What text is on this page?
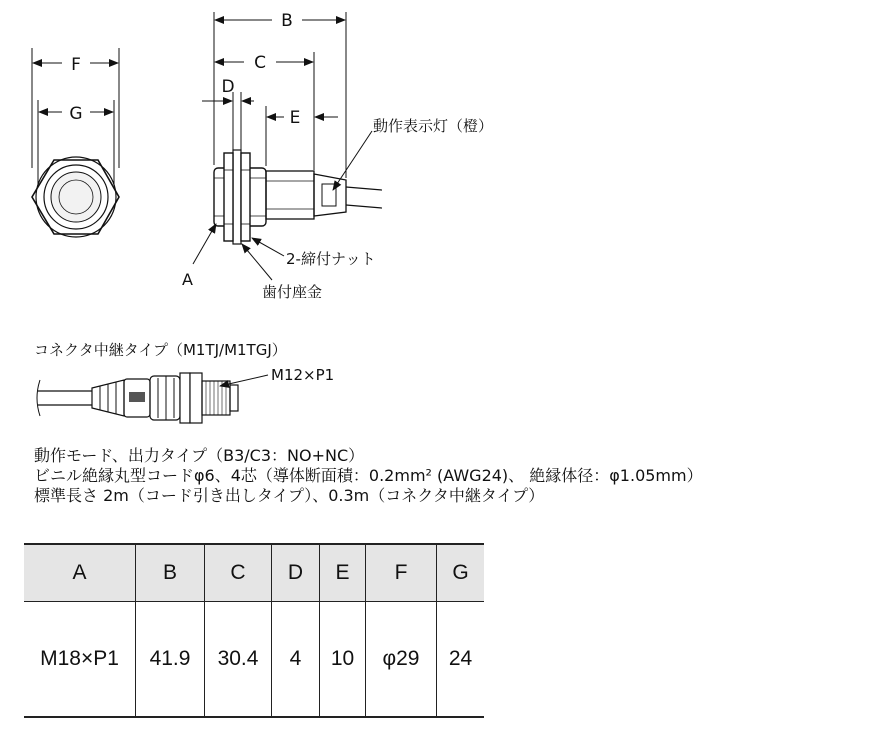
F
G
B
C
D
E	動作表示灯（橙）
A
2-締付ナット
歯付座金
コネクタ中継タイプ（M1TJ/M1TGJ）
M12×P1
動作モード、出力タイプ（B3/C3：NO+NC）
ビニル絶縁丸型コードφ6、4芯（導体断面積：0.2mm² (AWG24)、 絶縁体径：φ1.05mm）
標準長さ 2m（コード引き出しタイプ）、0.3m（コネクタ中継タイプ）
A	B	C	D	E	F	G
M18×P1	41.9	30.4	4	10	φ29	24
